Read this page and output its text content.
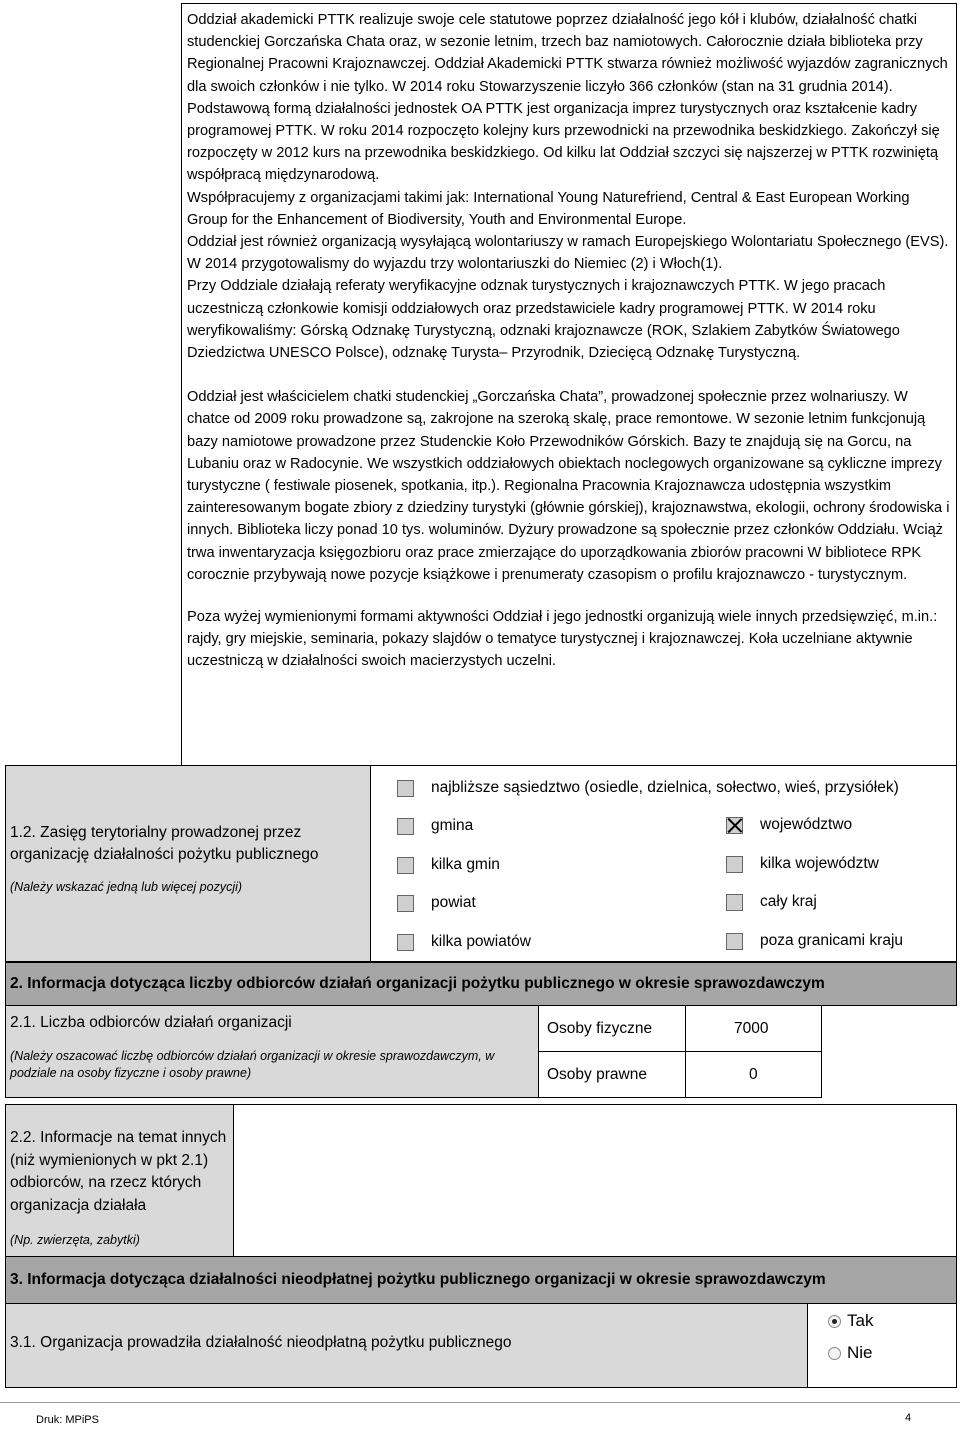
Oddział akademicki PTTK realizuje swoje cele statutowe poprzez działalność jego kół i klubów, działalność chatki studenckiej Gorczańska Chata oraz, w sezonie letnim, trzech baz namiotowych. Całorocznie działa biblioteka przy Regionalnej Pracowni Krajoznawczej. Oddział Akademicki PTTK stwarza również możliwość wyjazdów zagranicznych dla swoich członków i nie tylko. W 2014 roku Stowarzyszenie liczyło 366 członków (stan na 31 grudnia 2014).

Podstawową formą działalności jednostek OA PTTK jest organizacja imprez turystycznych oraz kształcenie kadry programowej PTTK. W roku 2014 rozpoczęto kolejny kurs przewodnicki na przewodnika beskidzkiego. Zakończył się rozpoczęty w 2012 kurs na przewodnika beskidzkiego. Od kilku lat Oddział szczyci się najszerzej w PTTK rozwiniętą współpracą międzynarodową.

Współpracujemy z organizacjami takimi jak: International Young Naturefriend, Central & East European Working Group for the Enhancement of Biodiversity, Youth and Environmental Europe.

Oddział jest również organizacją wysyłającą wolontariuszy w ramach Europejskiego Wolontariatu Społecznego (EVS). W 2014 przygotowalismy do wyjazdu trzy wolontariuszki do Niemiec (2) i Włoch(1).

Przy Oddziale działają referaty weryfikacyjne odznak turystycznych i krajoznawczych PTTK. W jego pracach uczestniczą członkowie komisji oddziałowych oraz przedstawiciele kadry programowej PTTK. W 2014 roku weryfikowaliśmy: Górską Odznakę Turystyczną, odznaki krajoznawcze (ROK, Szlakiem Zabytków Światowego Dziedzictwa UNESCO Polsce), odznakę Turysta– Przyrodnik, Dziecięcą Odznakę Turystyczną.

Oddział jest właścicielem chatki studenckiej „Gorczańska Chata”, prowadzonej społecznie przez wolnariuszy. W chatce od 2009 roku prowadzone są, zakrojone na szeroką skalę, prace remontowe. W sezonie letnim funkcjonują bazy namiotowe prowadzone przez Studenckie Koło Przewodników Górskich. Bazy te znajdują się na Gorcu, na Lubaniu oraz w Radocynie. We wszystkich oddziałowych obiektach noclegowych organizowane są cykliczne imprezy turystyczne ( festiwale piosenek, spotkania, itp.). Regionalna Pracownia Krajoznawcza udostępnia wszystkim zainteresowanym bogate zbiory z dziedziny turystyki (głównie górskiej), krajoznawstwa, ekologii, ochrony środowiska i innych. Biblioteka liczy ponad 10 tys. woluminów. Dyżury prowadzone są społecznie przez członków Oddziału. Wciąż trwa inwentaryzacja księgozbioru oraz prace zmierzające do uporządkowania zbiorów pracowni W bibliotece RPK corocznie przybywają nowe pozycje książkowe i prenumeraty czasopism o profilu krajoznawczo - turystycznym.

Poza wyżej wymienionymi formami aktywności Oddział i jego jednostki organizują wiele innych przedsięwzięć, m.in.: rajdy, gry miejskie, seminaria, pokazy slajdów o tematyce turystycznej i krajoznawczej. Koła uczelniane aktywnie uczestniczą w działalności swoich macierzystych uczelni.

1.2. Zasięg terytorialny prowadzonej przez organizację działalności pożytku publicznego
(Należy wskazać jedną lub więcej pozycji)
najbliższe sąsiedztwo (osiedle, dzielnica, sołectwo, wieś, przysiółek)
gmina
kilka gmin
powiat
kilka powiatów
województwo
kilka województw
cały kraj
poza granicami kraju
2. Informacja dotycząca liczby odbiorców działań organizacji pożytku publicznego w okresie sprawozdawczym
2.1. Liczba odbiorców działań organizacji
(Należy oszacować liczbę odbiorców działań organizacji w okresie sprawozdawczym, w podziale na osoby fizyczne i osoby prawne)
Osoby fizyczne	7000
Osoby prawne	0
2.2. Informacje na temat innych (niż wymienionych w pkt 2.1) odbiorców, na rzecz których organizacja działała
(Np. zwierzęta, zabytki)
3. Informacja dotycząca działalności nieodpłatnej pożytku publicznego organizacji w okresie sprawozdawczym
3.1. Organizacja prowadziła działalność nieodpłatną pożytku publicznego
Tak
Nie
Druk: MPiPS	4
